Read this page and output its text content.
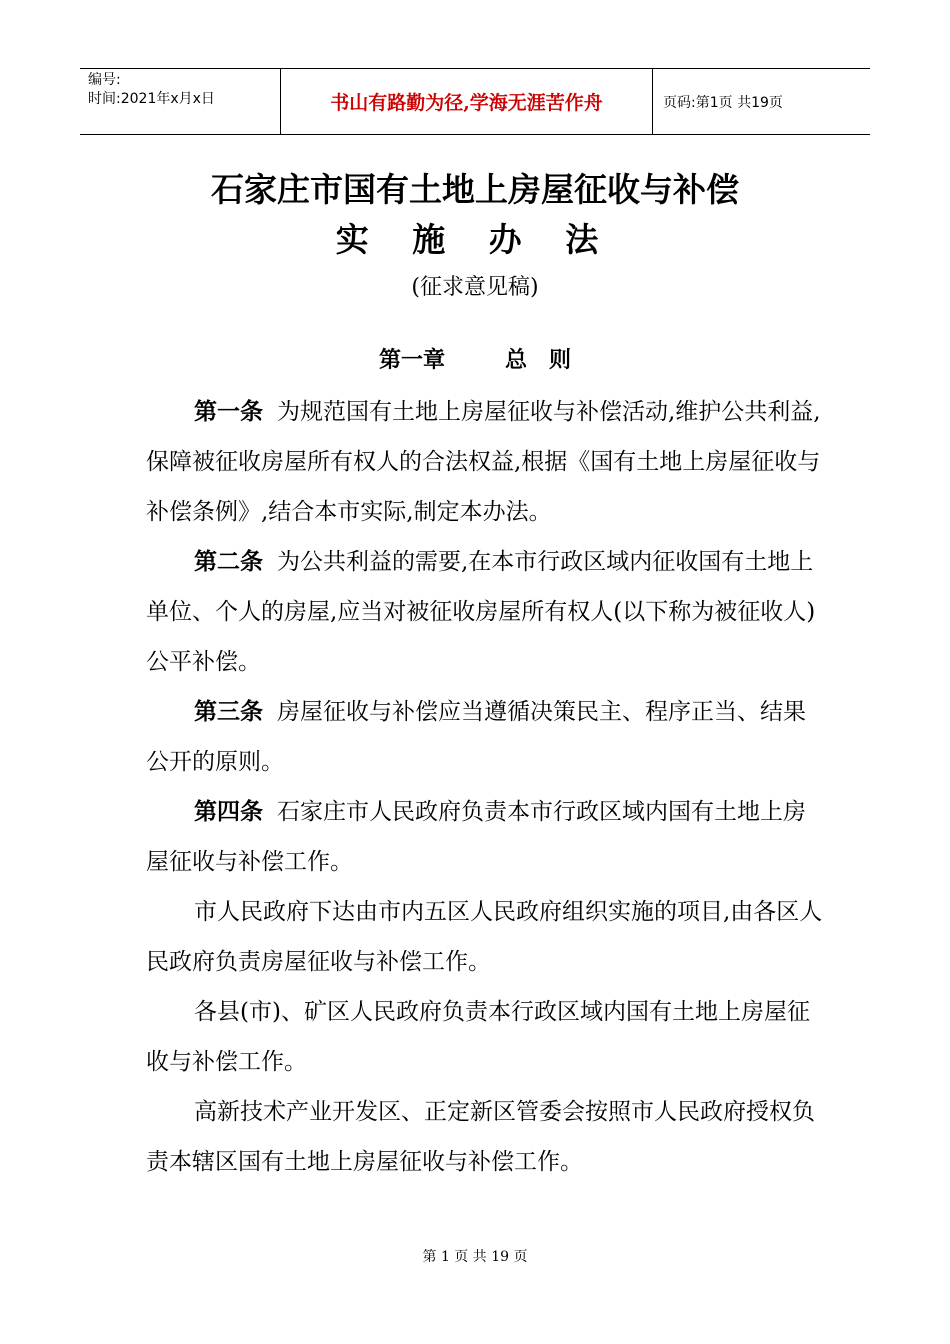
编号:
时间:2021年x月x日	书山有路勤为径,学海无涯苦作舟	页码:第1页 共19页
石家庄市国有土地上房屋征收与补偿
实 施 办 法
(征求意见稿)
第一章	总 则

第一条 为规范国有土地上房屋征收与补偿活动,维护公共利益,保障被征收房屋所有权人的合法权益,根据《国有土地上房屋征收与补偿条例》,结合本市实际,制定本办法。

第二条 为公共利益的需要,在本市行政区域内征收国有土地上单位、个人的房屋,应当对被征收房屋所有权人(以下称为被征收人)公平补偿。

第三条 房屋征收与补偿应当遵循决策民主、程序正当、结果公开的原则。

第四条 石家庄市人民政府负责本市行政区域内国有土地上房屋征收与补偿工作。

市人民政府下达由市内五区人民政府组织实施的项目,由各区人民政府负责房屋征收与补偿工作。

各县(市)、矿区人民政府负责本行政区域内国有土地上房屋征收与补偿工作。

高新技术产业开发区、正定新区管委会按照市人民政府授权负责本辖区国有土地上房屋征收与补偿工作。

第 1 页 共 19 页
